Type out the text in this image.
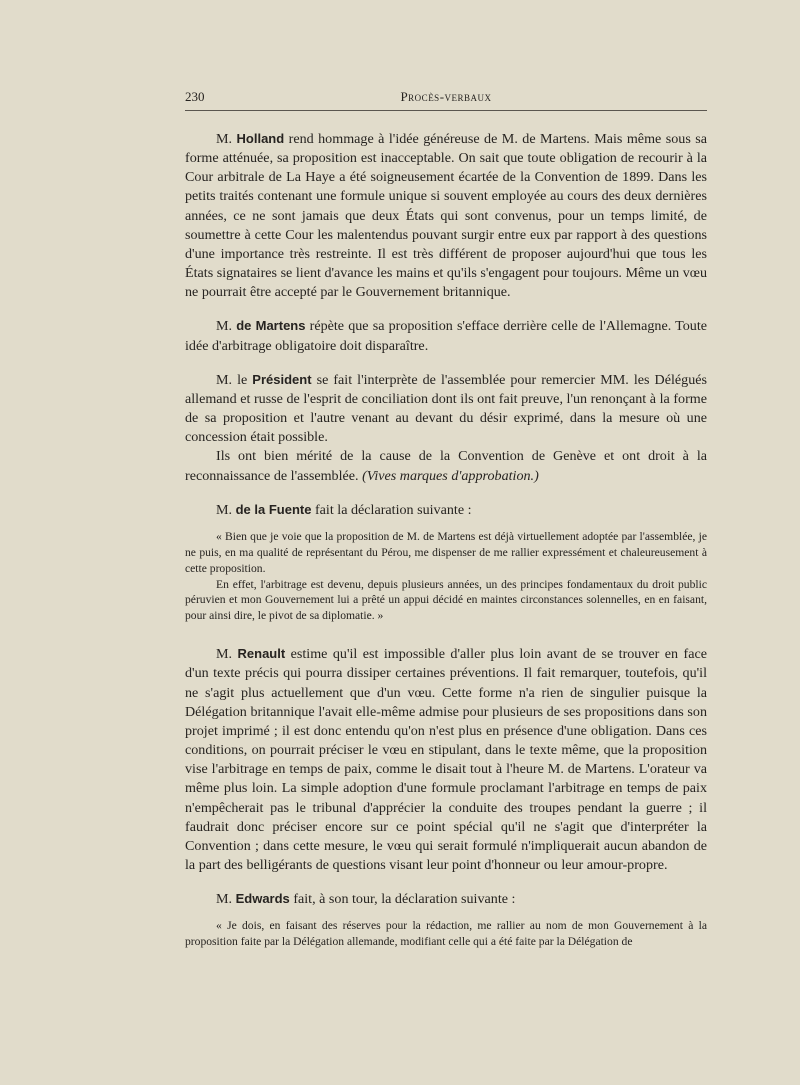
230	Procès-verbaux

M. Holland rend hommage à l'idée généreuse de M. de Martens. Mais même sous sa forme atténuée, sa proposition est inacceptable. On sait que toute obligation de recourir à la Cour arbitrale de La Haye a été soigneusement écartée de la Convention de 1899. Dans les petits traités contenant une formule unique si souvent employée au cours des deux dernières années, ce ne sont jamais que deux États qui sont convenus, pour un temps limité, de soumettre à cette Cour les malentendus pouvant surgir entre eux par rapport à des questions d'une importance très restreinte. Il est très différent de proposer aujourd'hui que tous les États signataires se lient d'avance les mains et qu'ils s'engagent pour toujours. Même un vœu ne pourrait être accepté par le Gouvernement britannique.

M. de Martens répète que sa proposition s'efface derrière celle de l'Allemagne. Toute idée d'arbitrage obligatoire doit disparaître.

M. le Président se fait l'interprète de l'assemblée pour remercier MM. les Délégués allemand et russe de l'esprit de conciliation dont ils ont fait preuve, l'un renonçant à la forme de sa proposition et l'autre venant au devant du désir exprimé, dans la mesure où une concession était possible.

Ils ont bien mérité de la cause de la Convention de Genève et ont droit à la reconnaissance de l'assemblée. (Vives marques d'approbation.)

M. de la Fuente fait la déclaration suivante :

« Bien que je voie que la proposition de M. de Martens est déjà virtuellement adoptée par l'assemblée, je ne puis, en ma qualité de représentant du Pérou, me dispenser de me rallier expressément et chaleureusement à cette proposition.

En effet, l'arbitrage est devenu, depuis plusieurs années, un des principes fondamentaux du droit public péruvien et mon Gouvernement lui a prêté un appui décidé en maintes circonstances solennelles, en en faisant, pour ainsi dire, le pivot de sa diplomatie. »

M. Renault estime qu'il est impossible d'aller plus loin avant de se trouver en face d'un texte précis qui pourra dissiper certaines préventions. Il fait remarquer, toutefois, qu'il ne s'agit plus actuellement que d'un vœu. Cette forme n'a rien de singulier puisque la Délégation britannique l'avait elle-même admise pour plusieurs de ses propositions dans son projet imprimé ; il est donc entendu qu'on n'est plus en présence d'une obligation. Dans ces conditions, on pourrait préciser le vœu en stipulant, dans le texte même, que la proposition vise l'arbitrage en temps de paix, comme le disait tout à l'heure M. de Martens. L'orateur va même plus loin. La simple adoption d'une formule proclamant l'arbitrage en temps de paix n'empêcherait pas le tribunal d'apprécier la conduite des troupes pendant la guerre ; il faudrait donc préciser encore sur ce point spécial qu'il ne s'agit que d'interpréter la Convention ; dans cette mesure, le vœu qui serait formulé n'impliquerait aucun abandon de la part des belligérants de questions visant leur point d'honneur ou leur amour-propre.

M. Edwards fait, à son tour, la déclaration suivante :

« Je dois, en faisant des réserves pour la rédaction, me rallier au nom de mon Gouvernement à la proposition faite par la Délégation allemande, modifiant celle qui a été faite par la Délégation de
